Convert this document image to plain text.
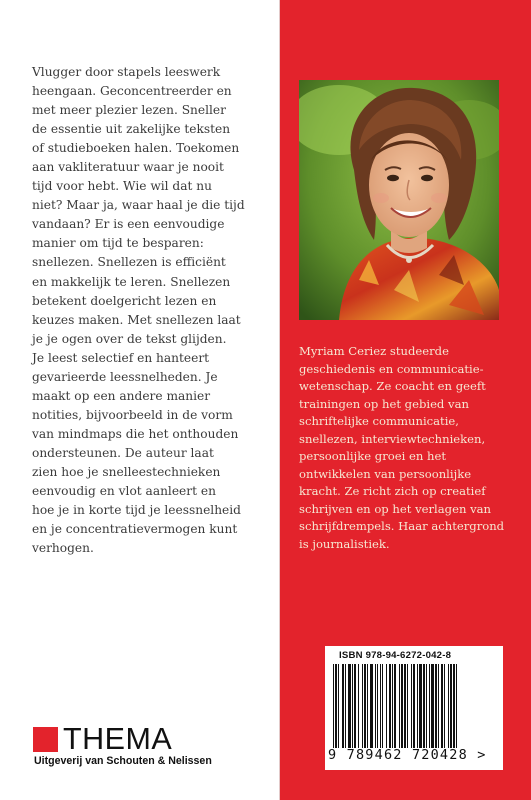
Vlugger door stapels leeswerk
heengaan. Geconcentreerder en
met meer plezier lezen. Sneller
de essentie uit zakelijke teksten
of studieboeken halen. Toekomen
aan vakliteratuur waar je nooit
tijd voor hebt. Wie wil dat nu
niet? Maar ja, waar haal je die tijd
vandaan? Er is een eenvoudige
manier om tijd te besparen:
snellezen. Snellezen is efficiënt
en makkelijk te leren. Snellezen
betekent doelgericht lezen en
keuzes maken. Met snellezen laat
je je ogen over de tekst glijden.
Je leest selectief en hanteert
gevarieerde leessnelheden. Je
maakt op een andere manier
notities, bijvoorbeeld in de vorm
van mindmaps die het onthouden
ondersteunen. De auteur laat
zien hoe je snelleestechnieken
eenvoudig en vlot aanleert en
hoe je in korte tijd je leessnelheid
en je concentratievermogen kunt
verhogen.
THEMA
Uitgeverij van Schouten & Nelissen
Myriam Ceriez studeerde
geschiedenis en communicatie-
wetenschap. Ze coacht en geeft
trainingen op het gebied van
schriftelijke communicatie,
snellezen, interviewtechnieken,
persoonlijke groei en het
ontwikkelen van persoonlijke
kracht. Ze richt zich op creatief
schrijven en op het verlagen van
schrijfdrempels. Haar achtergrond
is journalistiek.
ISBN 978-94-6272-042-8
9 789462 720428 >
